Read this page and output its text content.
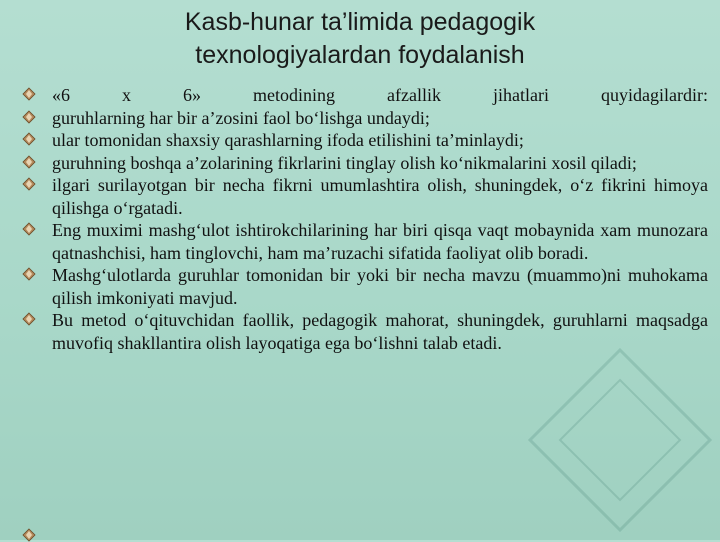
Kasb-hunar ta’limida pedagogik
texnologiyalardan foydalanish
«6 x 6» metodining afzallik jihatlari quyidagilardir:
guruhlarning har bir a’zosini faol bo‘lishga undaydi;
ular tomonidan shaxsiy qarashlarning ifoda etilishini ta’minlaydi;
guruhning boshqa a’zolarining fikrlarini tinglay olish ko‘nikmalarini xosil qiladi;
ilgari surilayotgan bir necha fikrni umumlashtira olish, shuningdek, o‘z fikrini himoya qilishga o‘rgatadi.
Eng muximi mashg‘ulot ishtirokchilarining har biri qisqa vaqt mobaynida xam munozara qatnashchisi, ham tinglovchi, ham ma’ruzachi sifatida faoliyat olib boradi.
Mashg‘ulotlarda guruhlar tomonidan bir yoki bir necha mavzu (muammo)ni muhokama qilish imkoniyati mavjud.
Bu metod o‘qituvchidan faollik, pedagogik mahorat, shuningdek, guruhlarni maqsadga muvofiq shakllantira olish layoqatiga ega bo‘lishni talab etadi.
